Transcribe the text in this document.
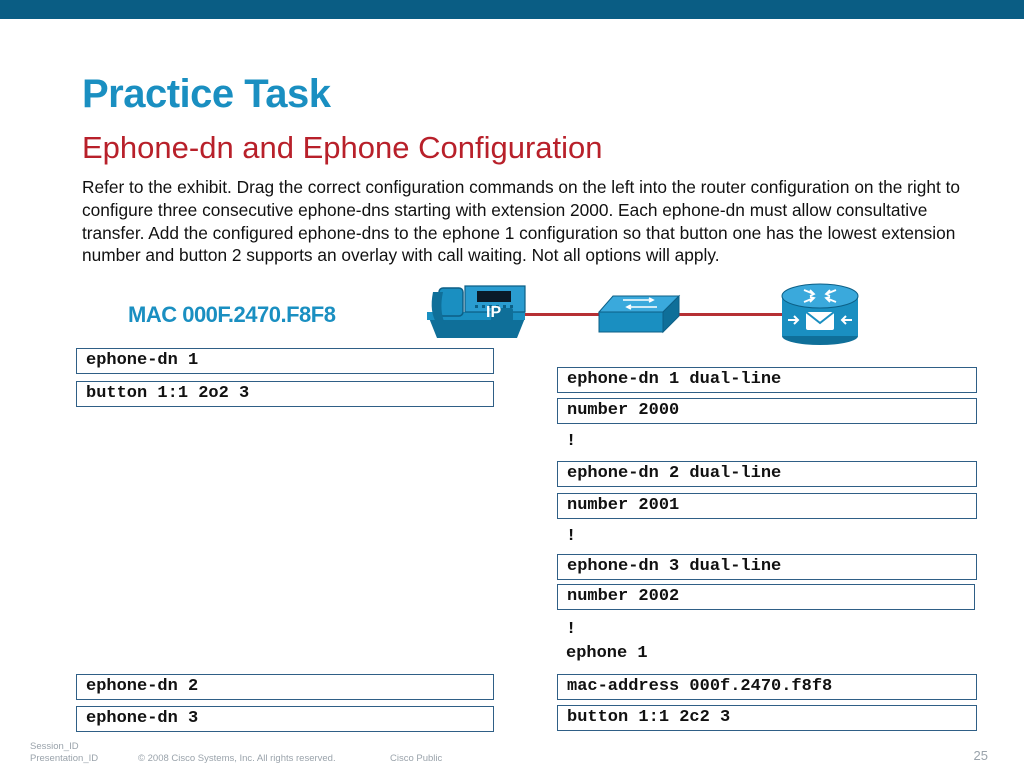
Practice Task
Ephone-dn and Ephone Configuration
Refer to the exhibit. Drag the correct configuration commands on the left into the router configuration on the right to configure three consecutive ephone-dns starting with extension 2000. Each ephone-dn must allow consultative transfer. Add the configured ephone-dns to the ephone 1 configuration so that button one has the lowest extension number and button 2 supports an overlay with call waiting. Not all options will apply.
MAC 000F.2470.F8F8	IP
ephone-dn 1
button 1:1 2o2 3
ephone-dn 2
ephone-dn 3
ephone-dn 1 dual-line
number 2000
!
ephone-dn 2 dual-line
number 2001
!
ephone-dn 3 dual-line
number 2002
!
ephone 1
mac-address 000f.2470.f8f8
button 1:1 2c2 3
Session_ID
Presentation_ID	© 2008 Cisco Systems, Inc. All rights reserved.	Cisco Public	25
